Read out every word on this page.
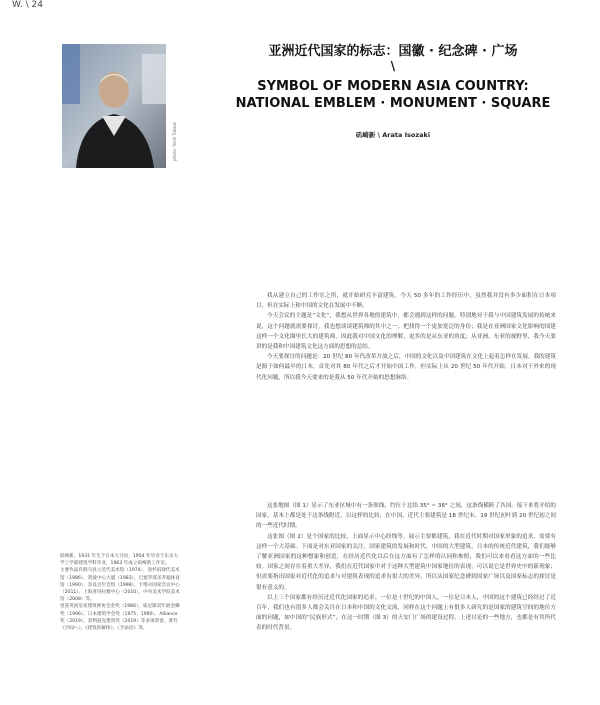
W. \ 24
photo: Yoshi Takase
亚洲近代国家的标志：国徽 · 纪念碑 · 广场
\
SYMBOL OF MODERN ASIA COUNTRY:
NATIONAL EMBLEM · MONUMENT · SQUARE
矶崎新 \ Arata Isozaki

我从建立自己的工作室之所，就开始研究丰富建筑。今天 50 多年的工作经历中，虽然我并没有多少面积在日本项目，但在实际上和中国的文化在发展中不断。

今天会议的主题是“文化”，我想从世界各地的建筑中，都会遇到这样的问题，特别地对于我与中国建筑发展的传统来说，这个问题就需要探讨。我也想谈谈建筑师的其中之一，把找得一个更加宽泛的身份；我是在亚洲国家文化影响的国建这样一个文化圈里长大的建筑师，因此我对中国文化的理解，更多的是从东亚的角度；从亚洲、东亚的视野里，我今天要讲的是我和中国建筑文化这方面的思想的总结。

今天要探讨的问题是：20 世纪 80 年代改革开放之后，中国的文化以及中国建筑在文化上起着怎样在发展。我的建筑是源于如何最早的日本，首先对其 80 年代之后才开始中国工作，但实际上从 20 世纪 50 年代开始，日本对于外来的现代化问题，所以我今天要来的是我从 50 年代开始的思想脉络。

这张地图（图 1）显示了东亚区域中有一条领线，约位于北纬 35° ~ 36° 之间，这条线横跨了各国。接下来将介绍的国家，基本上都是处于这条线附近，以这样的比较，在中国、近代主要建筑是 18 世纪末、19 世纪初叶到 20 世纪初之间的一些近代时期。

这张图（图 2）是个国家的比较，上面显示中心经线等。展示主要都建筑，我在近代时期对国家形象的追求，需要有这样一个大基础。下面是对东亚国家的关注，国家建筑的发展和时代，中国的大型建筑、日本的传统近代建筑，我们能够了解亚洲国家的这种想象和创造，在经历近代化以后在这方面有了怎样的认同和参照，我们可以来看看这方面的一些比较。国家之间存在着重大差异，我们在近代国家中对于这种大型建筑中国家地位的表现，可以说它是世界史中的新现象；但需要指出国家对近代化的追求与对建筑表现的追求有很大的差异，所以从国家纪念碑到国家广场以及国家标志的探讨是很有意义的。

以上三个国家都有经历过近代化国家的追求。一位是十世纪的中国人，一位是日本人，中国的这个建筑已经经过了近百年，我们也有很多人都会关注在日本和中国的文化交流，同样在这个问题上有很多人研究的是国家的建筑空间的地位方面的问题，如中国的“民族形式”，在这一时期（图 3）的天安门广场的建设过程，上述讨论的一些地方，也都是有其所代表的时代背景。

矶崎新，1931 年生于日本大分县，1954 年毕业于东京大学工学部建筑学科毕业，1963 年成立矶崎新工作室。

主要作品有群马县立近代美术馆（1974）、洛杉矶现代美术馆（1986）、筑波中心大厦（1983）、巴塞罗那圣乔迪体育馆（1990）、奈良百年会馆（1998）、卡塔尔国家会议中心（2011）、上海喜玛拉雅中心（2010）、中央美术学院美术馆（2008）等。

曾获英国皇家建筑师协会金奖（1986）、威尼斯双年展金狮奖（1996）、日本建筑学会奖（1975、1990）、Alliance 奖（2019）、普利兹克建筑奖（2019）等多项荣誉。著有《空间へ》、《建筑的解体》、《手法论》等。
